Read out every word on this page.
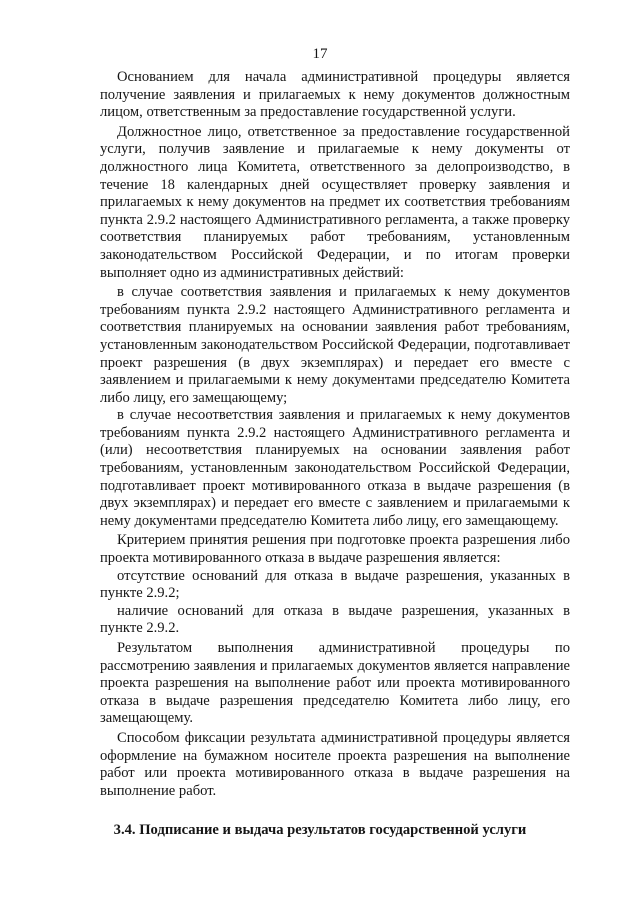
17

Основанием для начала административной процедуры является получение заявления и прилагаемых к нему документов должностным лицом, ответственным за предоставление государственной услуги.

Должностное лицо, ответственное за предоставление государственной услуги, получив заявление и прилагаемые к нему документы от должностного лица Комитета, ответственного за делопроизводство, в течение 18 календарных дней осуществляет проверку заявления и прилагаемых к нему документов на предмет их соответствия требованиям пункта 2.9.2 настоящего Административного регламента, а также проверку соответствия планируемых работ требованиям, установленным законодательством Российской Федерации, и по итогам проверки выполняет одно из административных действий:

в случае соответствия заявления и прилагаемых к нему документов требованиям пункта 2.9.2 настоящего Административного регламента и соответствия планируемых на основании заявления работ требованиям, установленным законодательством Российской Федерации, подготавливает проект разрешения (в двух экземплярах) и передает его вместе с заявлением и прилагаемыми к нему документами председателю Комитета либо лицу, его замещающему;

в случае несоответствия заявления и прилагаемых к нему документов требованиям пункта 2.9.2 настоящего Административного регламента и (или) несоответствия планируемых на основании заявления работ требованиям, установленным законодательством Российской Федерации, подготавливает проект мотивированного отказа в выдаче разрешения (в двух экземплярах) и передает его вместе с заявлением и прилагаемыми к нему документами председателю Комитета либо лицу, его замещающему.

Критерием принятия решения при подготовке проекта разрешения либо проекта мотивированного отказа в выдаче разрешения является:

отсутствие оснований для отказа в выдаче разрешения, указанных в пункте 2.9.2;

наличие оснований для отказа в выдаче разрешения, указанных в пункте 2.9.2.

Результатом выполнения административной процедуры по рассмотрению заявления и прилагаемых документов является направление проекта разрешения на выполнение работ или проекта мотивированного отказа в выдаче разрешения председателю Комитета либо лицу, его замещающему.

Способом фиксации результата административной процедуры является оформление на бумажном носителе проекта разрешения на выполнение работ или проекта мотивированного отказа в выдаче разрешения на выполнение работ.

3.4. Подписание и выдача результатов государственной услуги
